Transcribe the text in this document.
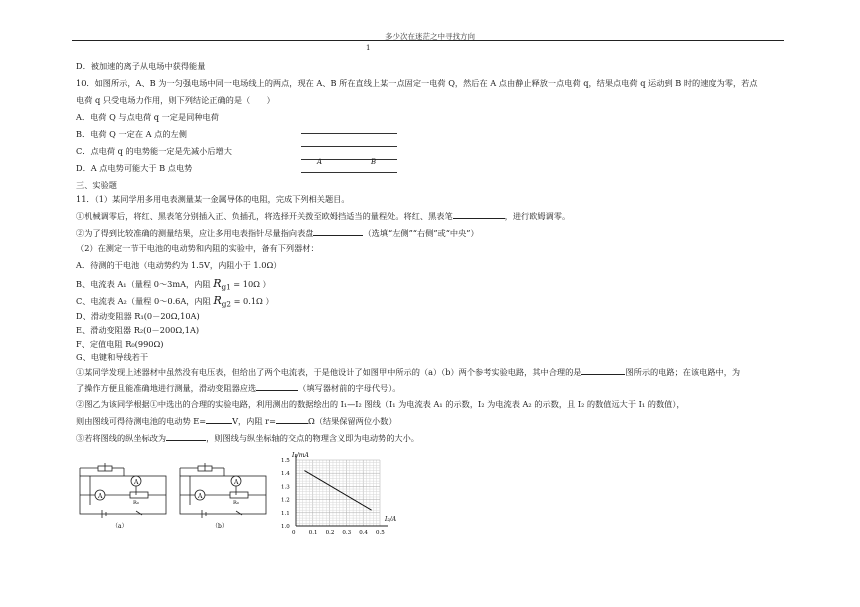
多少次在迷茫之中寻找方向
1
D．被加速的离子从电场中获得能量
10．如图所示，A、B 为一匀强电场中同一电场线上的两点，现在 A、B 所在直线上某一点固定一电荷 Q，然后在 A 点由静止释放一点电荷 q，结果点电荷 q 运动到 B 时的速度为零，若点
电荷 q 只受电场力作用，则下列结论正确的是（　　）
A．电荷 Q 与点电荷 q 一定是同种电荷
B．电荷 Q 一定在 A 点的左侧
C．点电荷 q 的电势能一定是先减小后增大
D．A 点电势可能大于 B 点电势
A	B
三、实验题
11．（1）某同学用多用电表测量某一金属导体的电阻，完成下列相关题目。
①机械调零后，将红、黑表笔分别插入正、负插孔，将选择开关拨至欧姆挡适当的量程处。将红、黑表笔	，进行欧姆调零。
②为了得到比较准确的测量结果，应让多用电表指针尽量指向表盘	（选填“左侧”“右侧”或“中央”）
（2）在测定一节干电池的电动势和内阻的实验中，备有下列器材：
A．待测的干电池（电动势约为 1.5V，内阻小于 1.0Ω）
B、电流表 A₁（量程 0～3mA，内阻 $R_{g1} = 10\Omega$ ）
C、电流表 A₂（量程 0～0.6A，内阻 $R_{g2} = 0.1\Omega$ ）
D、滑动变阻器 R₁(0－20Ω,10A)
E、滑动变阻器 R₂(0－200Ω,1A)
F、定值电阻 R₀(990Ω)
G、电键和导线若干
①某同学发现上述器材中虽然没有电压表，但给出了两个电流表，于是他设计了如图甲中所示的（a）（b）两个参考实验电路，其中合理的是	图所示的电路；在该电路中，为
了操作方便且能准确地进行测量，滑动变阻器应选	（填写器材前的字母代号）。
②图乙为该同学根据①中选出的合理的实验电路，利用测出的数据绘出的 I₁—I₂ 图线（I₁ 为电流表 A₁ 的示数，I₂ 为电流表 A₂ 的示数，且 I₂ 的数值远大于 I₁ 的数值），
则由图线可得待测电池的电动势 E=	V，内阻 r=	Ω（结果保留两位小数）
③若将图线的纵坐标改为	，则图线与纵坐标轴的交点的物理含义即为电动势的大小。
A
A
R₀
（a）
A
A
R₀
（b）
0 0.1 0.2 0.3 0.4 0.5
1.0
1.1
1.2
1.3
1.4
1.5
I₁/mA
I₂/A
